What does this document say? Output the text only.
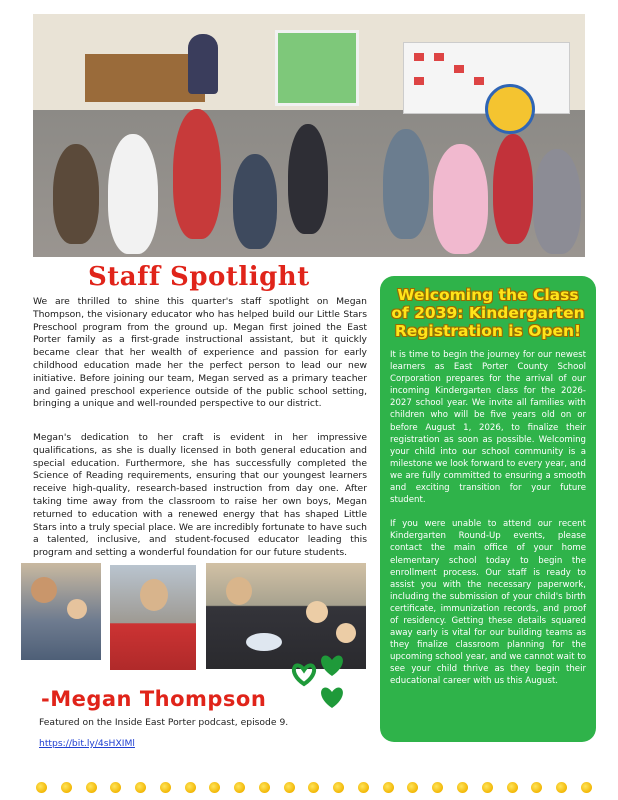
Staff Spotlight

We are thrilled to shine this quarter's staff spotlight on Megan Thompson, the visionary educator who has helped build our Little Stars Preschool program from the ground up. Megan first joined the East Porter family as a first-grade instructional assistant, but it quickly became clear that her wealth of experience and passion for early childhood education made her the perfect person to lead our new initiative. Before joining our team, Megan served as a primary teacher and gained preschool experience outside of the public school setting, bringing a unique and well-rounded perspective to our district.

Megan's dedication to her craft is evident in her impressive qualifications, as she is dually licensed in both general education and special education. Furthermore, she has successfully completed the Science of Reading requirements, ensuring that our youngest learners receive high-quality, research-based instruction from day one. After taking time away from the classroom to raise her own boys, Megan returned to education with a renewed energy that has shaped Little Stars into a truly special place. We are incredibly fortunate to have such a talented, inclusive, and student-focused educator leading this program and setting a wonderful foundation for our future students.

-Megan Thompson

Featured on the Inside East Porter podcast, episode 9.

https://bit.ly/4sHXIMl

Welcoming the Class of 2039: Kindergarten Registration is Open!

It is time to begin the journey for our newest learners as East Porter County School Corporation prepares for the arrival of our incoming Kindergarten class for the 2026-2027 school year. We invite all families with children who will be five years old on or before August 1, 2026, to finalize their registration as soon as possible. Welcoming your child into our school community is a milestone we look forward to every year, and we are fully committed to ensuring a smooth and exciting transition for your future student.

If you were unable to attend our recent Kindergarten Round-Up events, please contact the main office of your home elementary school today to begin the enrollment process. Our staff is ready to assist you with the necessary paperwork, including the submission of your child's birth certificate, immunization records, and proof of residency. Getting these details squared away early is vital for our building teams as they finalize classroom planning for the upcoming school year, and we cannot wait to see your child thrive as they begin their educational career with us this August.
